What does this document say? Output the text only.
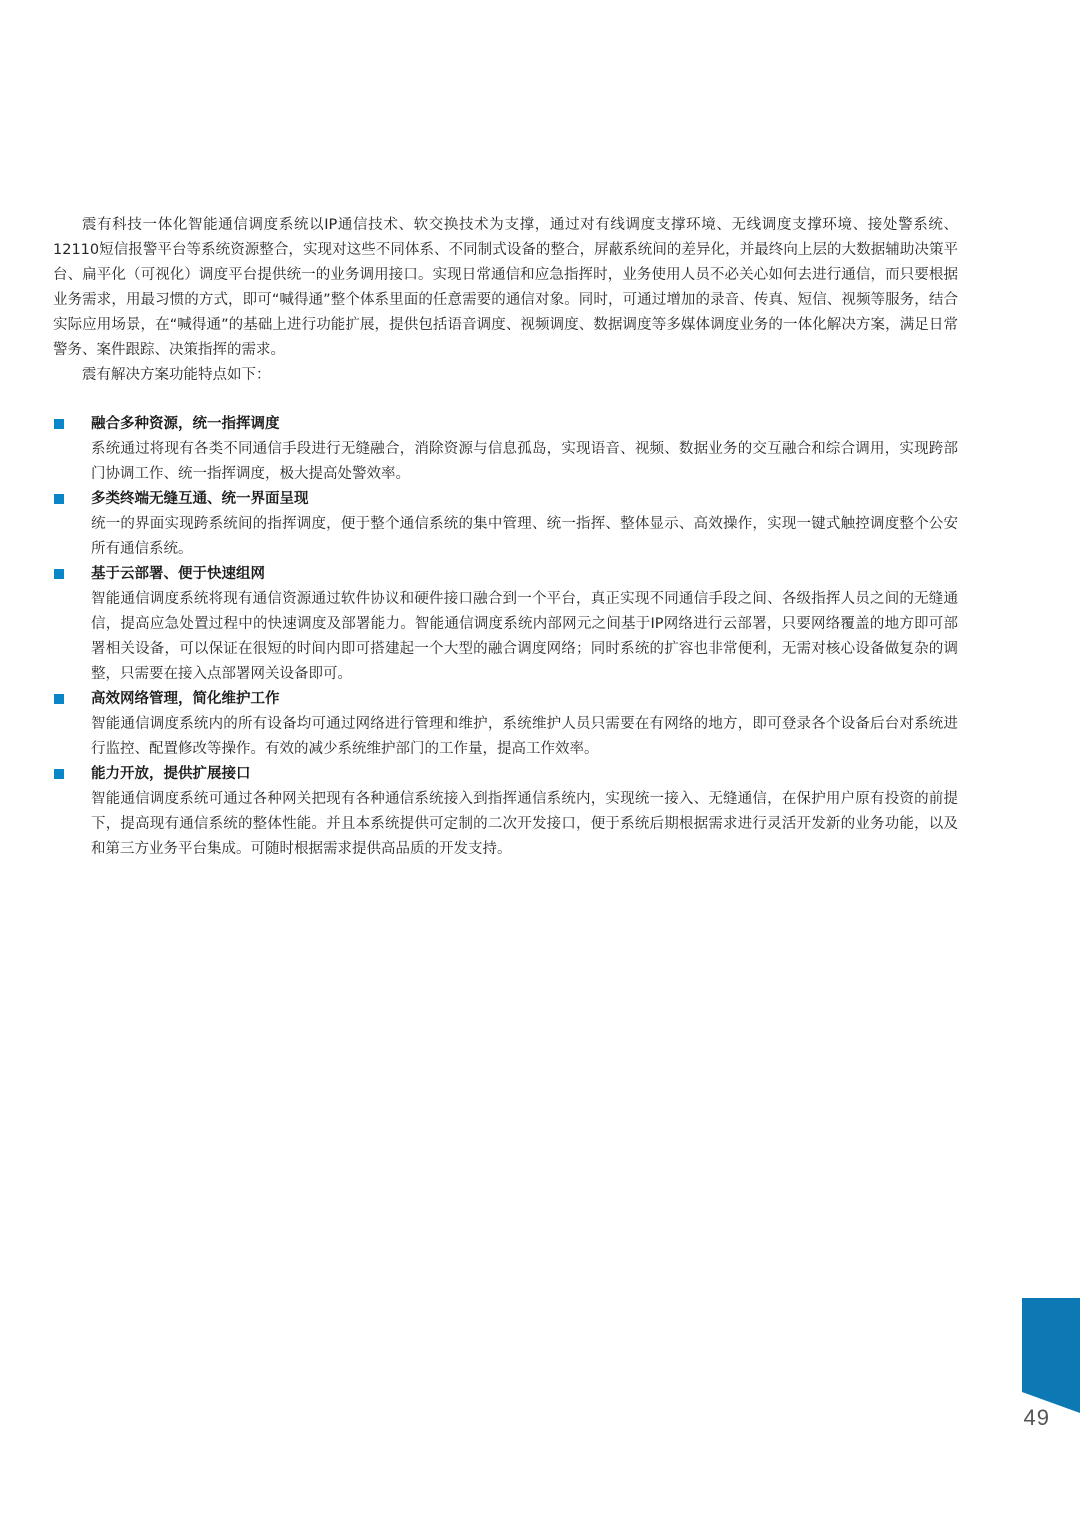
震有科技一体化智能通信调度系统以IP通信技术、软交换技术为支撑，通过对有线调度支撑环境、无线调度支撑环境、接处警系统、12110短信报警平台等系统资源整合，实现对这些不同体系、不同制式设备的整合，屏蔽系统间的差异化，并最终向上层的大数据辅助决策平台、扁平化（可视化）调度平台提供统一的业务调用接口。实现日常通信和应急指挥时，业务使用人员不必关心如何去进行通信，而只要根据业务需求，用最习惯的方式，即可“喊得通”整个体系里面的任意需要的通信对象。同时，可通过增加的录音、传真、短信、视频等服务，结合实际应用场景，在“喊得通”的基础上进行功能扩展，提供包括语音调度、视频调度、数据调度等多媒体调度业务的一体化解决方案，满足日常警务、案件跟踪、决策指挥的需求。

震有解决方案功能特点如下：

融合多种资源，统一指挥调度

系统通过将现有各类不同通信手段进行无缝融合，消除资源与信息孤岛，实现语音、视频、数据业务的交互融合和综合调用，实现跨部门协调工作、统一指挥调度，极大提高处警效率。

多类终端无缝互通、统一界面呈现

统一的界面实现跨系统间的指挥调度，便于整个通信系统的集中管理、统一指挥、整体显示、高效操作，实现一键式触控调度整个公安所有通信系统。

基于云部署、便于快速组网

智能通信调度系统将现有通信资源通过软件协议和硬件接口融合到一个平台，真正实现不同通信手段之间、各级指挥人员之间的无缝通信，提高应急处置过程中的快速调度及部署能力。智能通信调度系统内部网元之间基于IP网络进行云部署，只要网络覆盖的地方即可部署相关设备，可以保证在很短的时间内即可搭建起一个大型的融合调度网络；同时系统的扩容也非常便利，无需对核心设备做复杂的调整，只需要在接入点部署网关设备即可。

高效网络管理，简化维护工作

智能通信调度系统内的所有设备均可通过网络进行管理和维护，系统维护人员只需要在有网络的地方，即可登录各个设备后台对系统进行监控、配置修改等操作。有效的减少系统维护部门的工作量，提高工作效率。

能力开放，提供扩展接口

智能通信调度系统可通过各种网关把现有各种通信系统接入到指挥通信系统内，实现统一接入、无缝通信，在保护用户原有投资的前提下，提高现有通信系统的整体性能。并且本系统提供可定制的二次开发接口，便于系统后期根据需求进行灵活开发新的业务功能，以及和第三方业务平台集成。可随时根据需求提供高品质的开发支持。

49
